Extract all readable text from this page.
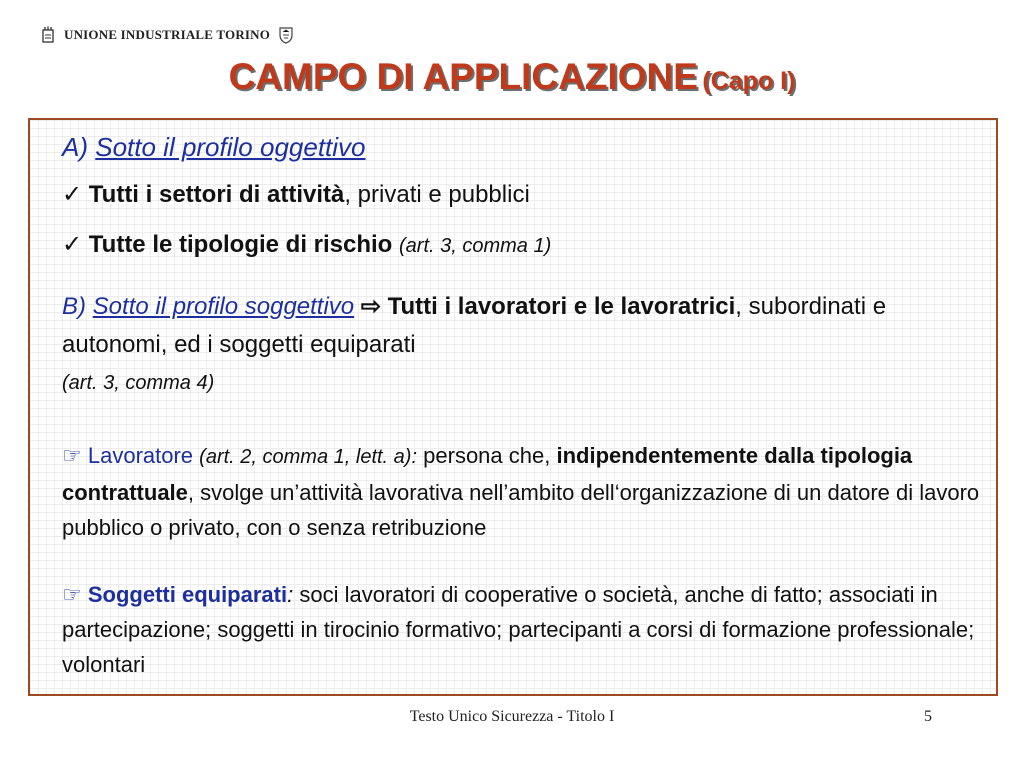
UNIONE INDUSTRIALE TORINO
CAMPO DI APPLICAZIONE (Capo I)
A) Sotto il profilo oggettivo
✓ Tutti i settori di attività, privati e pubblici
✓ Tutte le tipologie di rischio (art. 3, comma 1)
B) Sotto il profilo soggettivo ⇨ Tutti i lavoratori e le lavoratrici, subordinati e autonomi, ed i soggetti equiparati
(art. 3, comma 4)
☞ Lavoratore (art. 2, comma 1, lett. a): persona che, indipendentemente dalla tipologia contrattuale, svolge un’attività lavorativa nell’ambito dell‘organizzazione di un datore di lavoro pubblico o privato, con o senza retribuzione
☞ Soggetti equiparati: soci lavoratori di cooperative o società, anche di fatto; associati in partecipazione; soggetti in tirocinio formativo; partecipanti a corsi di formazione professionale; volontari
Testo Unico Sicurezza - Titolo I	5
